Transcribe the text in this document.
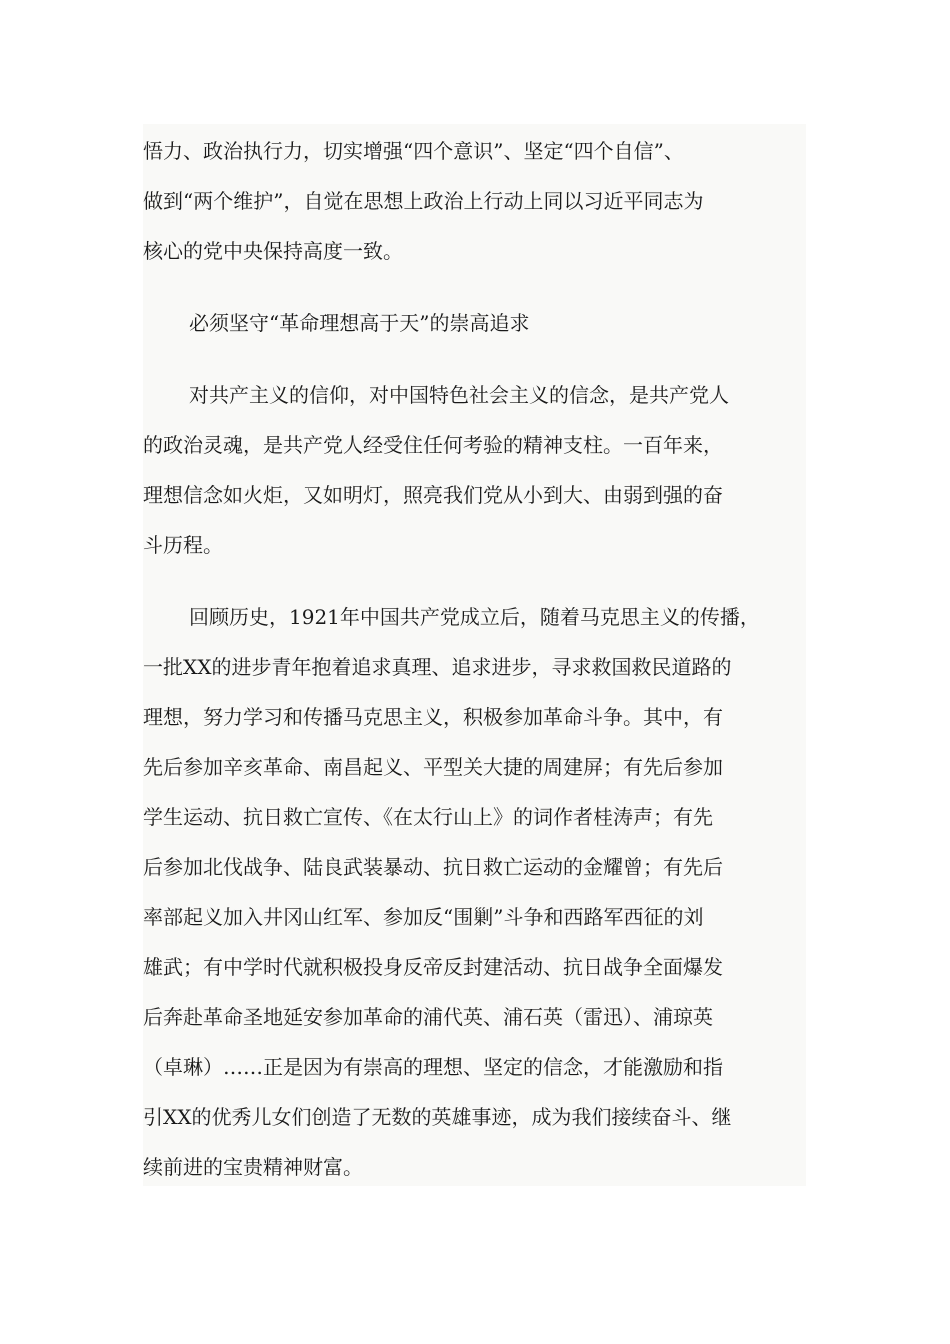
悟力、政治执行力，切实增强“四个意识”、坚定“四个自信”、
做到“两个维护”，自觉在思想上政治上行动上同以习近平同志为
核心的党中央保持高度一致。
必须坚守“革命理想高于天”的崇高追求
对共产主义的信仰，对中国特色社会主义的信念，是共产党人
的政治灵魂，是共产党人经受住任何考验的精神支柱。一百年来，
理想信念如火炬，又如明灯，照亮我们党从小到大、由弱到强的奋
斗历程。
回顾历史，1921年中国共产党成立后，随着马克思主义的传播，
一批XX的进步青年抱着追求真理、追求进步，寻求救国救民道路的
理想，努力学习和传播马克思主义，积极参加革命斗争。其中，有
先后参加辛亥革命、南昌起义、平型关大捷的周建屏；有先后参加
学生运动、抗日救亡宣传、《在太行山上》的词作者桂涛声；有先
后参加北伐战争、陆良武装暴动、抗日救亡运动的金耀曾；有先后
率部起义加入井冈山红军、参加反“围剿”斗争和西路军西征的刘
雄武；有中学时代就积极投身反帝反封建活动、抗日战争全面爆发
后奔赴革命圣地延安参加革命的浦代英、浦石英（雷迅）、浦琼英
（卓琳）……正是因为有崇高的理想、坚定的信念，才能激励和指
引XX的优秀儿女们创造了无数的英雄事迹，成为我们接续奋斗、继
续前进的宝贵精神财富。
